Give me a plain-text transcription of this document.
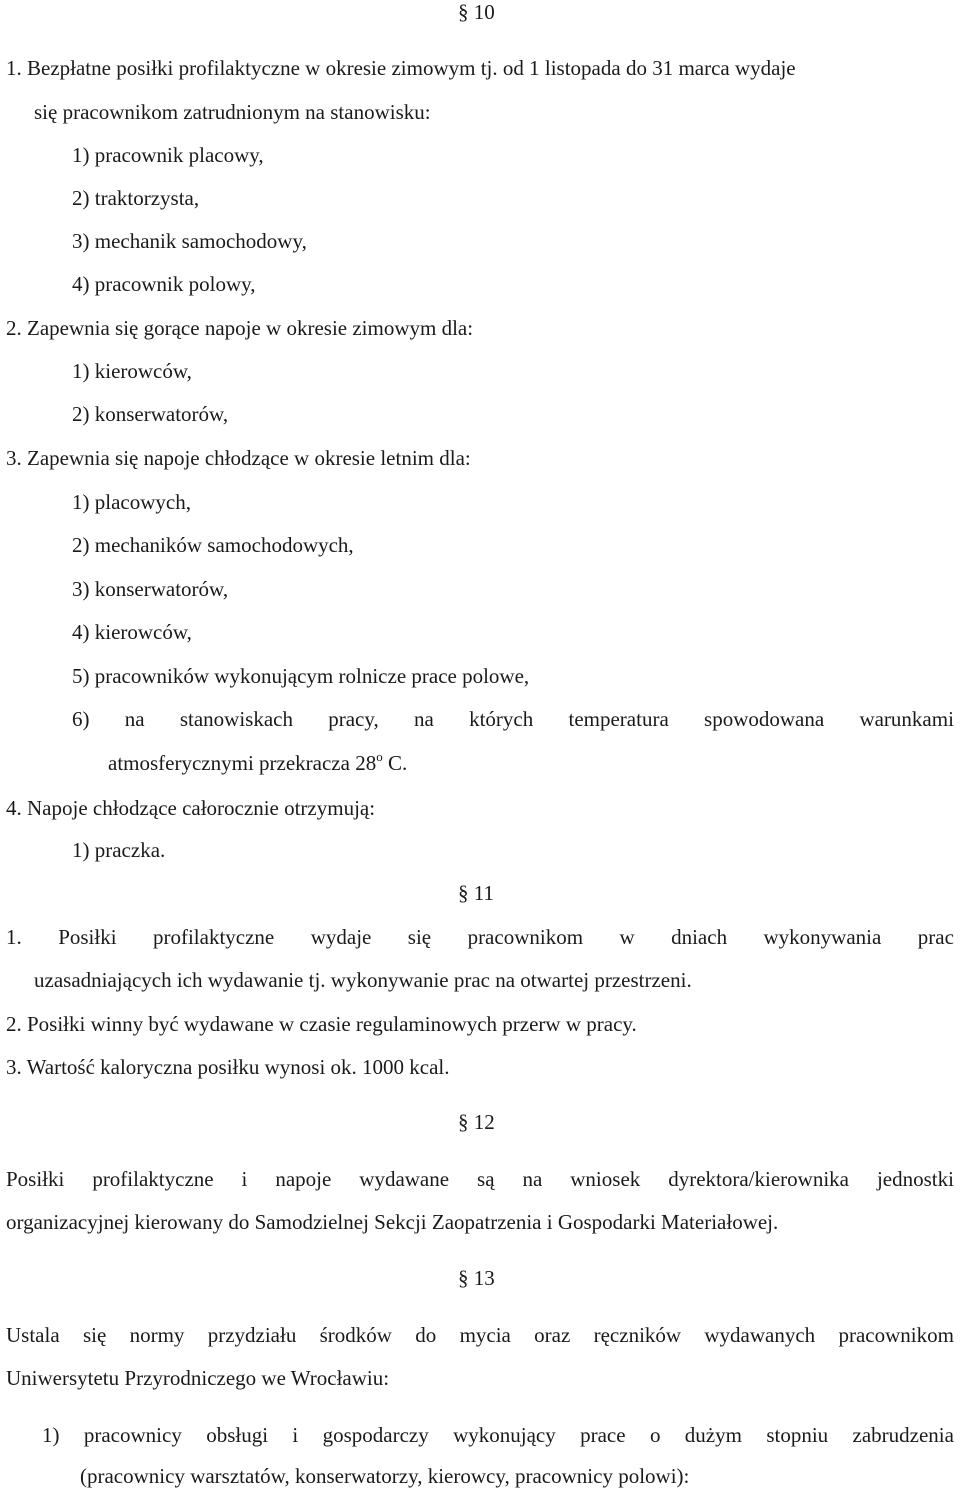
§ 10
1. Bezpłatne posiłki profilaktyczne w okresie zimowym tj. od 1 listopada do 31 marca wydaje
się pracownikom zatrudnionym na stanowisku:
1) pracownik placowy,
2) traktorzysta,
3) mechanik samochodowy,
4) pracownik polowy,
2. Zapewnia się gorące napoje w okresie zimowym dla:
1) kierowców,
2) konserwatorów,
3. Zapewnia się napoje chłodzące w okresie letnim dla:
1) placowych,
2) mechaników samochodowych,
3) konserwatorów,
4) kierowców,
5) pracowników wykonującym rolnicze prace polowe,
6) na stanowiskach pracy, na których temperatura spowodowana warunkami
atmosferycznymi przekracza 28$^o$ C.
4. Napoje chłodzące całorocznie otrzymują:
1) praczka.
§ 11
1. Posiłki profilaktyczne wydaje się pracownikom w dniach wykonywania prac
uzasadniających ich wydawanie tj. wykonywanie prac na otwartej przestrzeni.
2. Posiłki winny być wydawane w czasie regulaminowych przerw w pracy.
3. Wartość kaloryczna posiłku wynosi ok. 1000 kcal.
§ 12
Posiłki profilaktyczne i napoje wydawane są na wniosek dyrektora/kierownika jednostki
organizacyjnej kierowany do Samodzielnej Sekcji Zaopatrzenia i Gospodarki Materiałowej.
§ 13
Ustala się normy przydziału środków do mycia oraz ręczników wydawanych pracownikom
Uniwersytetu Przyrodniczego we Wrocławiu:
1) pracownicy obsługi i gospodarczy wykonujący prace o dużym stopniu zabrudzenia
(pracownicy warsztatów, konserwatorzy, kierowcy, pracownicy polowi):
